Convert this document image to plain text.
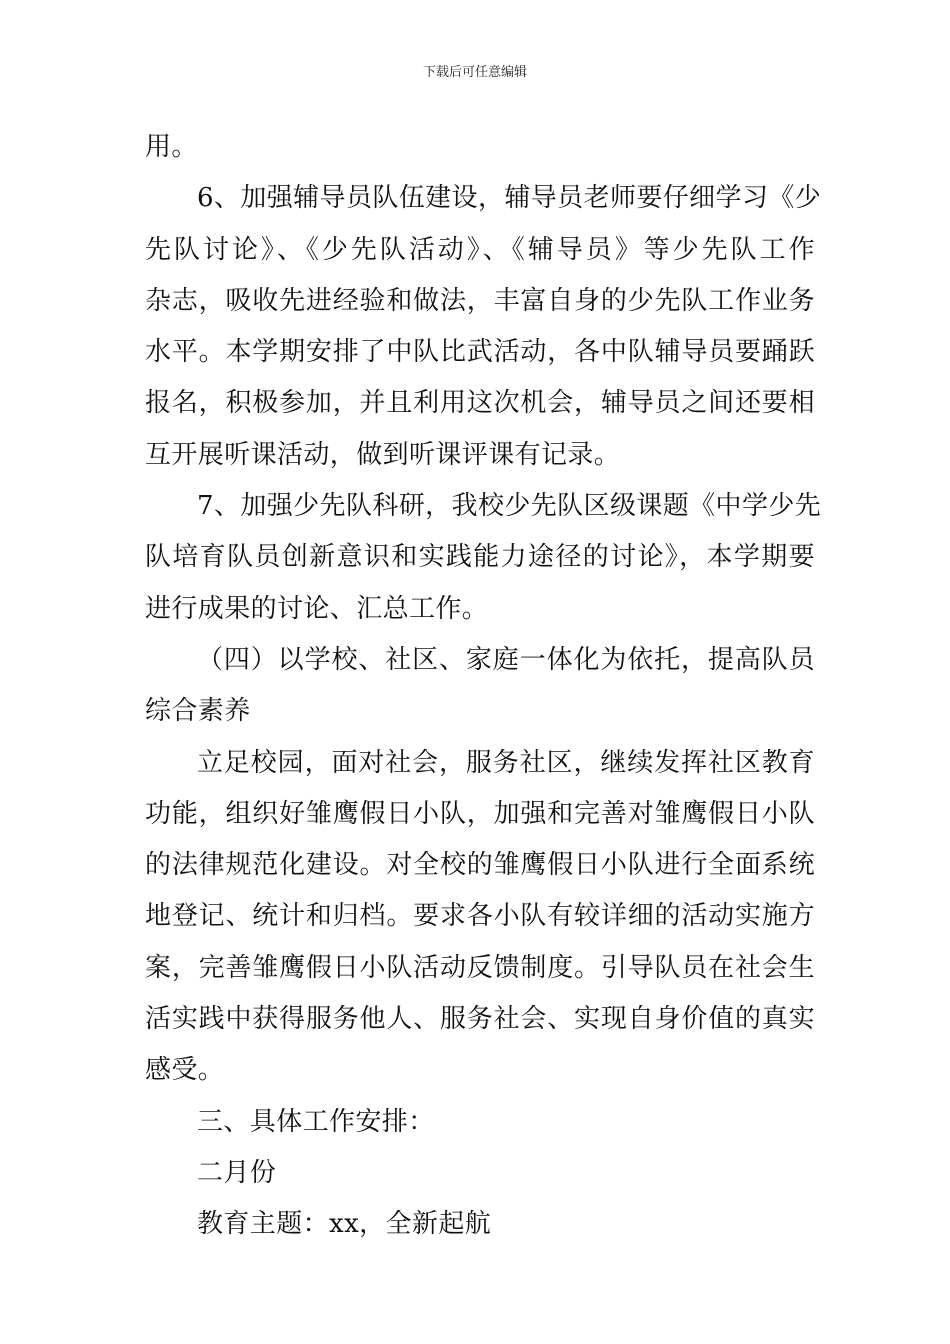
下载后可任意编辑
用。
6、加强辅导员队伍建设，辅导员老师要仔细学习《少
先队讨论》、《少先队活动》、《辅导员》等少先队工作
杂志，吸收先进经验和做法，丰富自身的少先队工作业务
水平。本学期安排了中队比武活动，各中队辅导员要踊跃
报名，积极参加，并且利用这次机会，辅导员之间还要相
互开展听课活动，做到听课评课有记录。
7、加强少先队科研，我校少先队区级课题《中学少先
队培育队员创新意识和实践能力途径的讨论》，本学期要
进行成果的讨论、汇总工作。
（四）以学校、社区、家庭一体化为依托，提高队员
综合素养
立足校园，面对社会，服务社区，继续发挥社区教育
功能，组织好雏鹰假日小队，加强和完善对雏鹰假日小队
的法律规范化建设。对全校的雏鹰假日小队进行全面系统
地登记、统计和归档。要求各小队有较详细的活动实施方
案，完善雏鹰假日小队活动反馈制度。引导队员在社会生
活实践中获得服务他人、服务社会、实现自身价值的真实
感受。
三、具体工作安排：
二月份
教育主题：xx，全新起航
